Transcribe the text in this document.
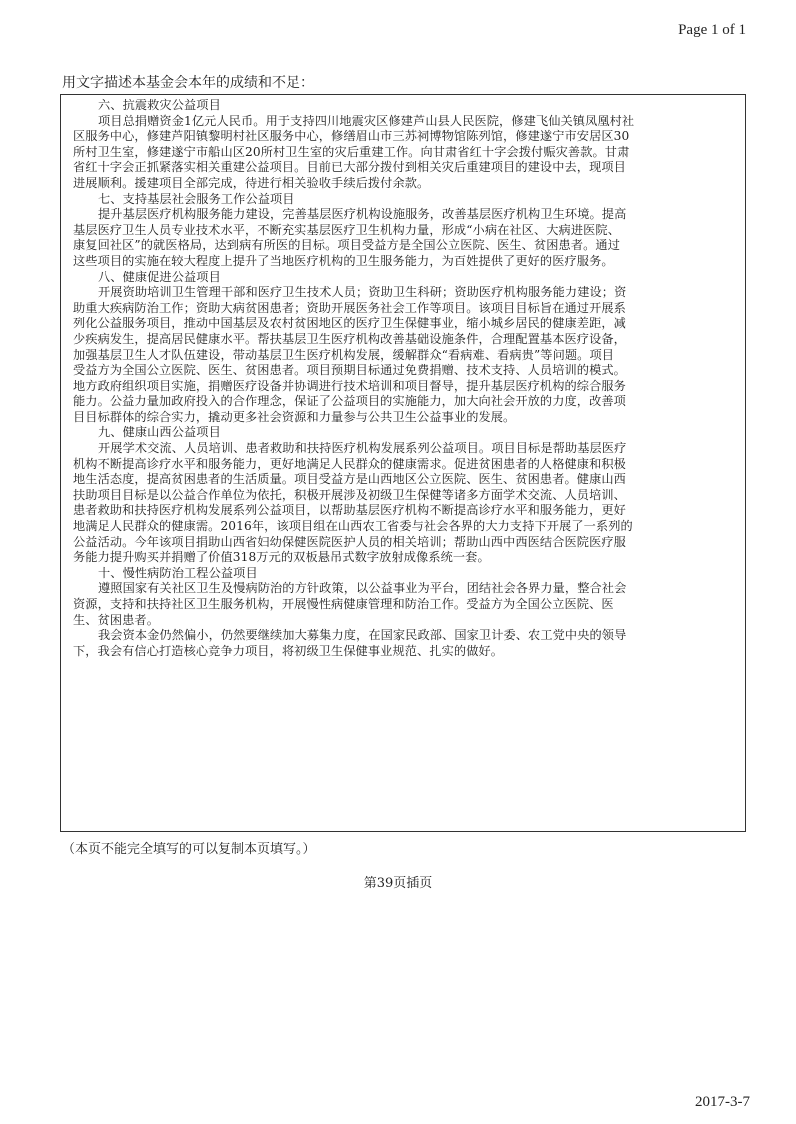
Page 1 of 1
用文字描述本基金会本年的成绩和不足：
六、抗震救灾公益项目
项目总捐赠资金1亿元人民币。用于支持四川地震灾区修建芦山县人民医院，修建飞仙关镇凤凰村社
区服务中心，修建芦阳镇黎明村社区服务中心，修缮眉山市三苏祠博物馆陈列馆，修建遂宁市安居区30
所村卫生室，修建遂宁市船山区20所村卫生室的灾后重建工作。向甘肃省红十字会拨付赈灾善款。甘肃
省红十字会正抓紧落实相关重建公益项目。目前已大部分拨付到相关灾后重建项目的建设中去，现项目
进展顺利。援建项目全部完成，待进行相关验收手续后拨付余款。
七、支持基层社会服务工作公益项目
提升基层医疗机构服务能力建设，完善基层医疗机构设施服务，改善基层医疗机构卫生环境。提高
基层医疗卫生人员专业技术水平，不断充实基层医疗卫生机构力量，形成“小病在社区、大病进医院、
康复回社区”的就医格局，达到病有所医的目标。项目受益方是全国公立医院、医生、贫困患者。通过
这些项目的实施在较大程度上提升了当地医疗机构的卫生服务能力，为百姓提供了更好的医疗服务。
八、健康促进公益项目
开展资助培训卫生管理干部和医疗卫生技术人员；资助卫生科研；资助医疗机构服务能力建设；资
助重大疾病防治工作；资助大病贫困患者；资助开展医务社会工作等项目。该项目目标旨在通过开展系
列化公益服务项目，推动中国基层及农村贫困地区的医疗卫生保健事业，缩小城乡居民的健康差距，减
少疾病发生，提高居民健康水平。帮扶基层卫生医疗机构改善基础设施条件，合理配置基本医疗设备，
加强基层卫生人才队伍建设，带动基层卫生医疗机构发展，缓解群众“看病难、看病贵”等问题。项目
受益方为全国公立医院、医生、贫困患者。项目预期目标通过免费捐赠、技术支持、人员培训的模式。
地方政府组织项目实施，捐赠医疗设备并协调进行技术培训和项目督导，提升基层医疗机构的综合服务
能力。公益力量加政府投入的合作理念，保证了公益项目的实施能力，加大向社会开放的力度，改善项
目目标群体的综合实力，撬动更多社会资源和力量参与公共卫生公益事业的发展。
九、健康山西公益项目
开展学术交流、人员培训、患者救助和扶持医疗机构发展系列公益项目。项目目标是帮助基层医疗
机构不断提高诊疗水平和服务能力，更好地满足人民群众的健康需求。促进贫困患者的人格健康和积极
地生活态度，提高贫困患者的生活质量。项目受益方是山西地区公立医院、医生、贫困患者。健康山西
扶助项目目标是以公益合作单位为依托，积极开展涉及初级卫生保健等诸多方面学术交流、人员培训、
患者救助和扶持医疗机构发展系列公益项目，以帮助基层医疗机构不断提高诊疗水平和服务能力，更好
地满足人民群众的健康需。2016年，该项目组在山西农工省委与社会各界的大力支持下开展了一系列的
公益活动。今年该项目捐助山西省妇幼保健医院医护人员的相关培训；帮助山西中西医结合医院医疗服
务能力提升购买并捐赠了价值318万元的双板悬吊式数字放射成像系统一套。
十、慢性病防治工程公益项目
遵照国家有关社区卫生及慢病防治的方针政策，以公益事业为平台，团结社会各界力量，整合社会
资源，支持和扶持社区卫生服务机构，开展慢性病健康管理和防治工作。受益方为全国公立医院、医
生、贫困患者。
我会资本金仍然偏小，仍然要继续加大募集力度，在国家民政部、国家卫计委、农工党中央的领导
下，我会有信心打造核心竞争力项目，将初级卫生保健事业规范、扎实的做好。
（本页不能完全填写的可以复制本页填写。）
第39页插页
2017-3-7
